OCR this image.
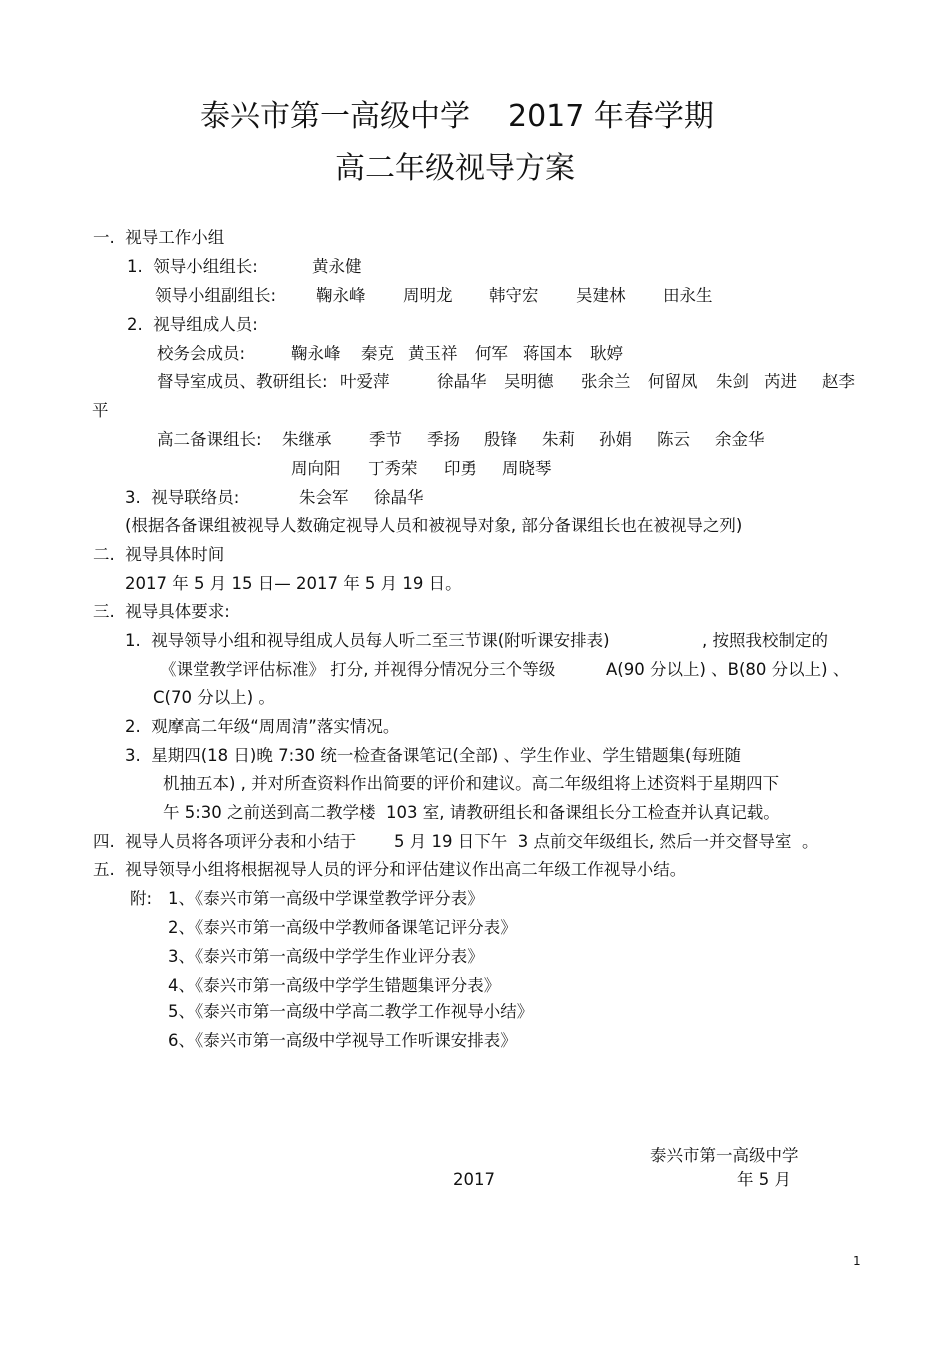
泰兴市第一高级中学 2017 年春学期
高二年级视导方案
一.  视导工作小组
1.  领导小组组长:	黄永健
领导小组副组长: 鞠永峰 周明龙 韩守宏 吴建林 田永生
2.  视导组成人员:
校务会成员:	鞠永峰 秦克 黄玉祥 何军 蒋国本 耿婷
督导室成员、教研组长: 叶爱萍	徐晶华 吴明德 张余兰 何留凤 朱剑 芮进 赵李
平
高二备课组长: 朱继承 季节 季扬 殷锋 朱莉 孙娟 陈云 余金华
周向阳 丁秀荣 印勇 周晓琴
3.  视导联络员:	朱会军 徐晶华
(根据各备课组被视导人数确定视导人员和被视导对象, 部分备课组长也在被视导之列)
二.  视导具体时间
2017 年 5 月 15 日— 2017 年 5 月 19 日。
三.  视导具体要求:
1.  视导领导小组和视导组成人员每人听二至三节课(附听课安排表)	, 按照我校制定的
《课堂教学评估标准》 打分, 并视得分情况分三个等级	A(90 分以上) 、B(80 分以上) 、
C(70 分以上) 。
2.  观摩高二年级“周周清”落实情况。
3.  星期四(18 日)晚 7:30 统一检查备课笔记(全部) 、学生作业、学生错题集(每班随
机抽五本) , 并对所查资料作出简要的评价和建议。高二年级组将上述资料于星期四下
午 5:30 之前送到高二教学楼  103 室, 请教研组长和备课组长分工检查并认真记载。
四.  视导人员将各项评分表和小结于 5 月 19 日下午  3 点前交年级组长, 然后一并交督导室  。
五.  视导领导小组将根据视导人员的评分和评估建议作出高二年级工作视导小结。
附: 1、《泰兴市第一高级中学课堂教学评分表》
2、《泰兴市第一高级中学教师备课笔记评分表》
3、《泰兴市第一高级中学学生作业评分表》
4、《泰兴市第一高级中学学生错题集评分表》
5、《泰兴市第一高级中学高二教学工作视导小结》
6、《泰兴市第一高级中学视导工作听课安排表》
泰兴市第一高级中学
2017	年 5 月
1
